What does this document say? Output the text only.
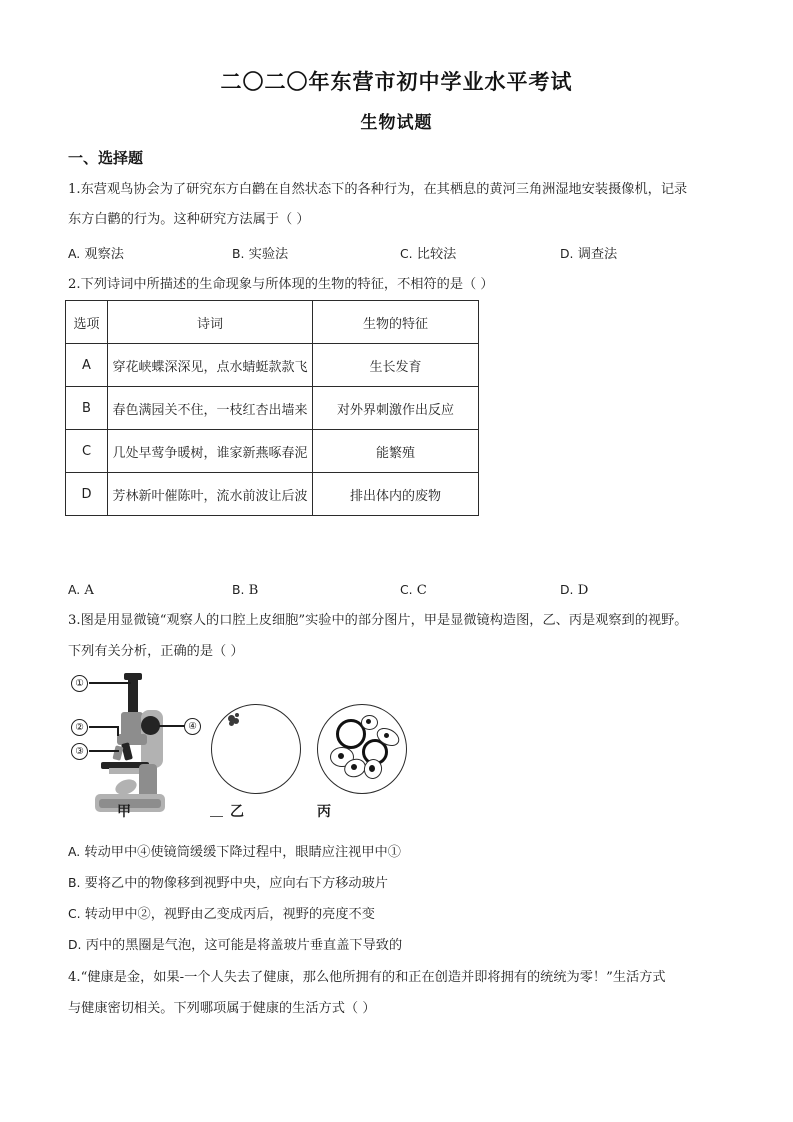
二〇二〇年东营市初中学业水平考试
生物试题
一、选择题
1.东营观鸟协会为了研究东方白鹳在自然状态下的各种行为，在其栖息的黄河三角洲湿地安装摄像机，记录
东方白鹳的行为。这种研究方法属于（ ）
A. 观察法	B. 实验法	C. 比较法	D. 调查法
2.下列诗词中所描述的生命现象与所体现的生物的特征，不相符的是（ ）
选项	诗词	生物的特征
A	穿花峡蝶深深见，点水蜻蜓款款飞	生长发育
B	春色满园关不住，一枝红杏出墙来	对外界刺激作出反应
C	几处早莺争暖树，谁家新燕啄春泥	能繁殖
D	芳林新叶催陈叶，流水前波让后波	排出体内的废物
A. A	B. B	C. C	D. D
3.图是用显微镜“观察人的口腔上皮细胞”实验中的部分图片，甲是显微镜构造图，乙、丙是观察到的视野。
下列有关分析，正确的是（ ）
①
②
③
④
甲	乙	丙
A. 转动甲中④使镜筒缓缓下降过程中，眼睛应注视甲中①
B. 要将乙中的物像移到视野中央，应向右下方移动玻片
C. 转动甲中②，视野由乙变成丙后，视野的亮度不变
D. 丙中的黑圈是气泡，这可能是将盖玻片垂直盖下导致的
4.“健康是金，如果-一个人失去了健康，那么他所拥有的和正在创造并即将拥有的统统为零！”生活方式
与健康密切相关。下列哪项属于健康的生活方式（ ）
